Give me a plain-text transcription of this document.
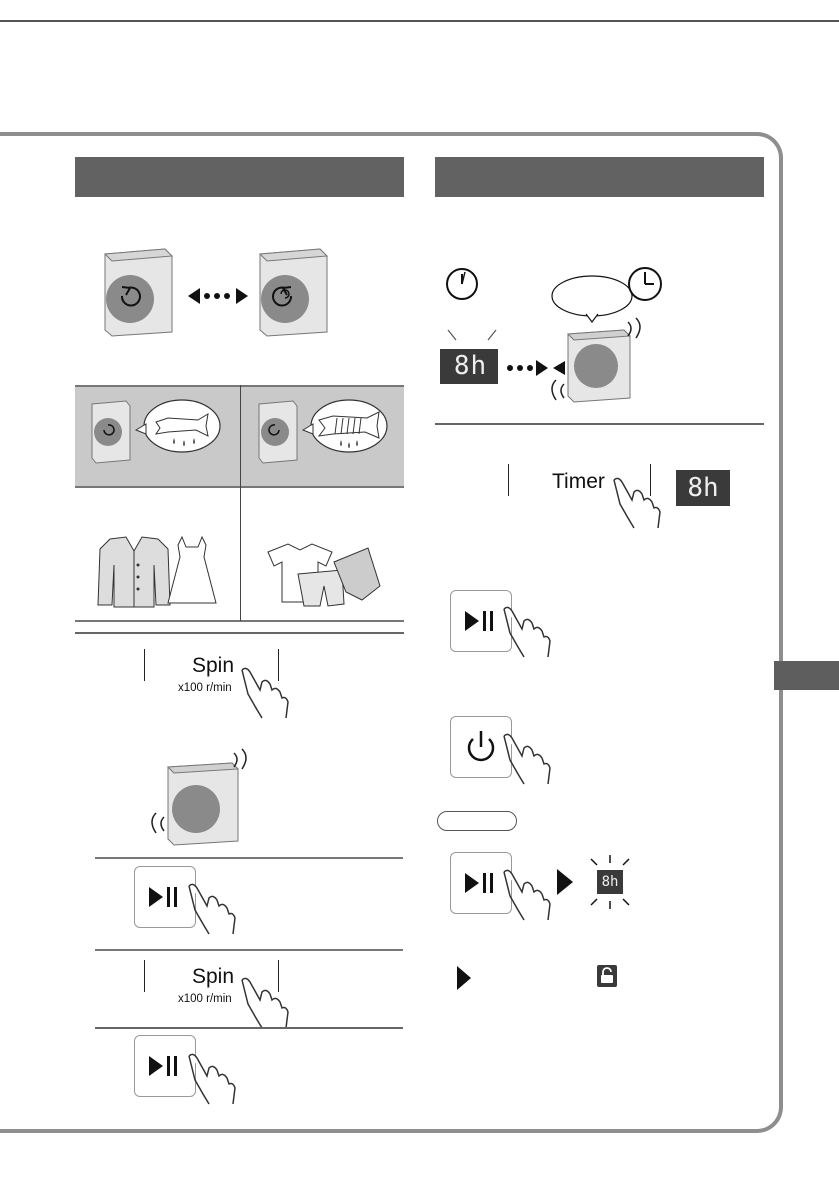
Spin
x100 r/min
Spin
x100 r/min
8h
Timer	8h
8h
